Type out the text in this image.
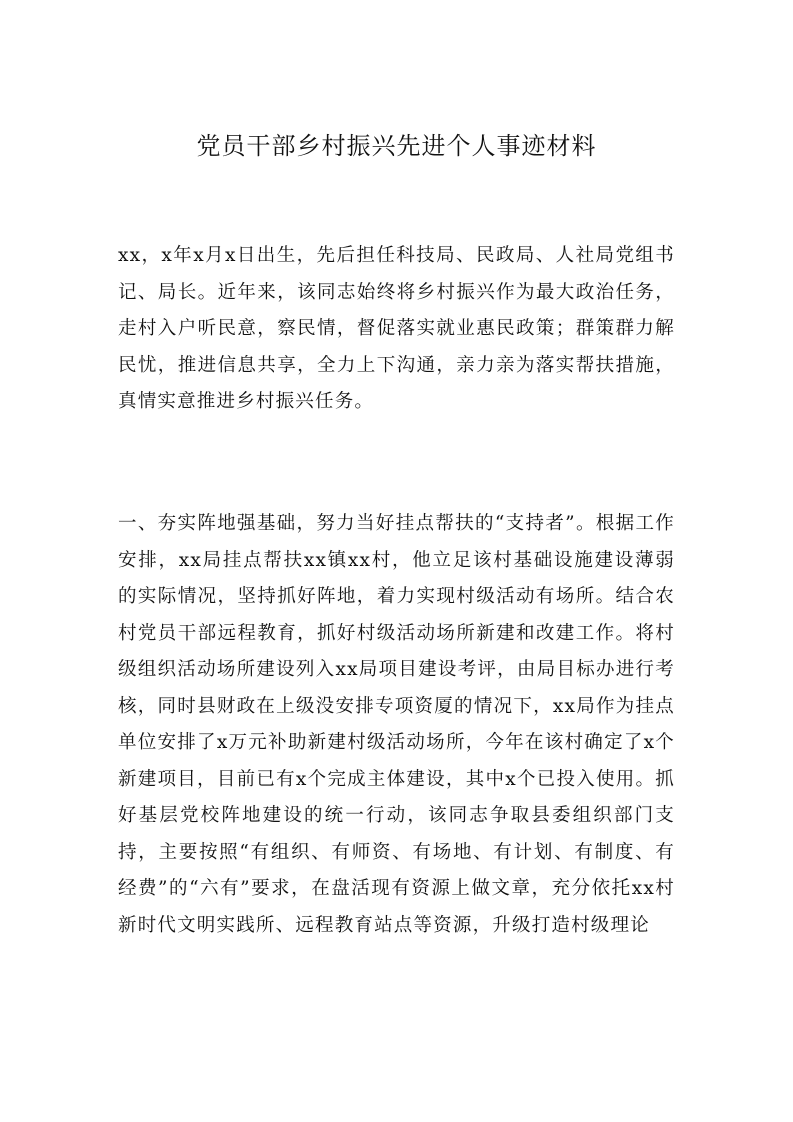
党员干部乡村振兴先进个人事迹材料

xx，x年x月x日出生，先后担任科技局、民政局、人社局党组书记、局长。近年来，该同志始终将乡村振兴作为最大政治任务，走村入户听民意，察民情，督促落实就业惠民政策；群策群力解民忧，推进信息共享，全力上下沟通，亲力亲为落实帮扶措施，真情实意推进乡村振兴任务。

一、夯实阵地强基础，努力当好挂点帮扶的“支持者”。根据工作安排，xx局挂点帮扶xx镇xx村，他立足该村基础设施建设薄弱的实际情况，坚持抓好阵地，着力实现村级活动有场所。结合农村党员干部远程教育，抓好村级活动场所新建和改建工作。将村级组织活动场所建设列入xx局项目建设考评，由局目标办进行考核，同时县财政在上级没安排专项资厦的情况下，xx局作为挂点单位安排了x万元补助新建村级活动场所，今年在该村确定了x个新建项目，目前已有x个完成主体建设，其中x个已投入使用。抓好基层党校阵地建设的统一行动，该同志争取县委组织部门支持，主要按照“有组织、有师资、有场地、有计划、有制度、有经费”的“六有”要求，在盘活现有资源上做文章，充分依托xx村新时代文明实践所、远程教育站点等资源，升级打造村级理论
